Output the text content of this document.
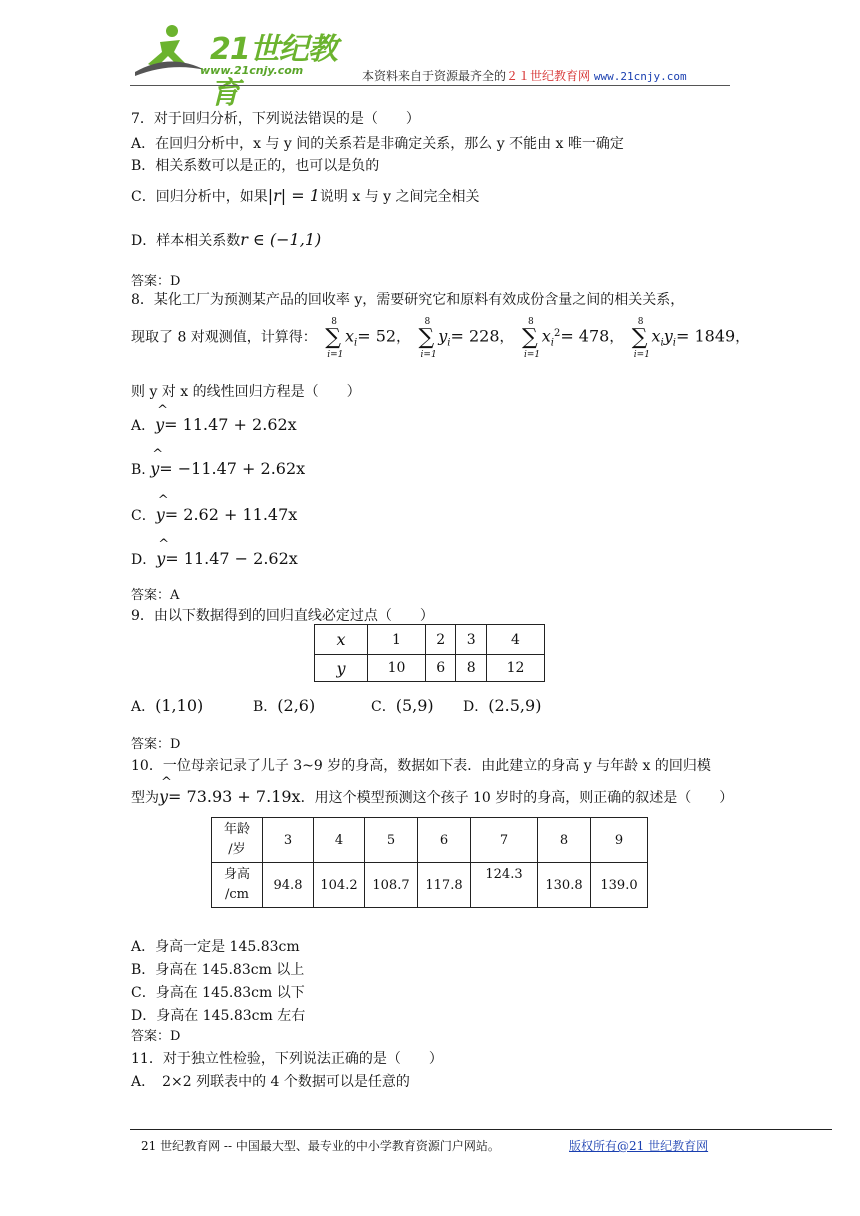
21世纪教育
www.21cnjy.com	本资料来自于资源最齐全的２１世纪教育网 www.21cnjy.com
7．对于回归分析，下列说法错误的是（　　）
A．在回归分析中，x 与 y 间的关系若是非确定关系，那么 y 不能由 x 唯一确定
B．相关系数可以是正的，也可以是负的
C．回归分析中，如果|r| = 1说明 x 与 y 之间完全相关
D．样本相关系数r ∈ (−1,1)
答案：D
8．某化工厂为预测某产品的回收率 y，需要研究它和原料有效成份含量之间的相关关系，
现取了 8 对观测值，计算得：
8
∑
i=1
$x_i= 52$，
8
∑
i=1
$y_i= 228$，
8
∑
i=1
$x_i^2= 478$，
8
∑
i=1
$x_iy_i= 1849$，
则 y 对 x 的线性回归方程是（　　）
A．^ y= 11.47 + 2.62x
B. ^ y= −11.47 + 2.62x
C．^ y= 2.62 + 11.47x
D．^ y= 11.47 − 2.62x
答案：A
9．由以下数据得到的回归直线必定过点（　　）
x	1	2	3	4
y	10	6	8	12
A．(1,10)	B．(2,6)	C．(5,9) D．(2.5,9)
答案：D
10．一位母亲记录了儿子 3~9 岁的身高，数据如下表．由此建立的身高 y 与年龄 x 的回归模
型为^ y= 73.93 + 7.19x．用这个模型预测这个孩子 10 岁时的身高，则正确的叙述是（　　）
年龄
/岁	3	4	5	6	7	8	9
身高
/cm	94.8	104.2	108.7	117.8	124.3	130.8	139.0
A．身高一定是 145.83cm
B．身高在 145.83cm 以上
C．身高在 145.83cm 以下
D．身高在 145.83cm 左右
答案：D
11．对于独立性检验，下列说法正确的是（　　）
A．　2×2 列联表中的 4 个数据可以是任意的
21 世纪教育网 -- 中国最大型、最专业的中小学教育资源门户网站。	版权所有@21 世纪教育网
